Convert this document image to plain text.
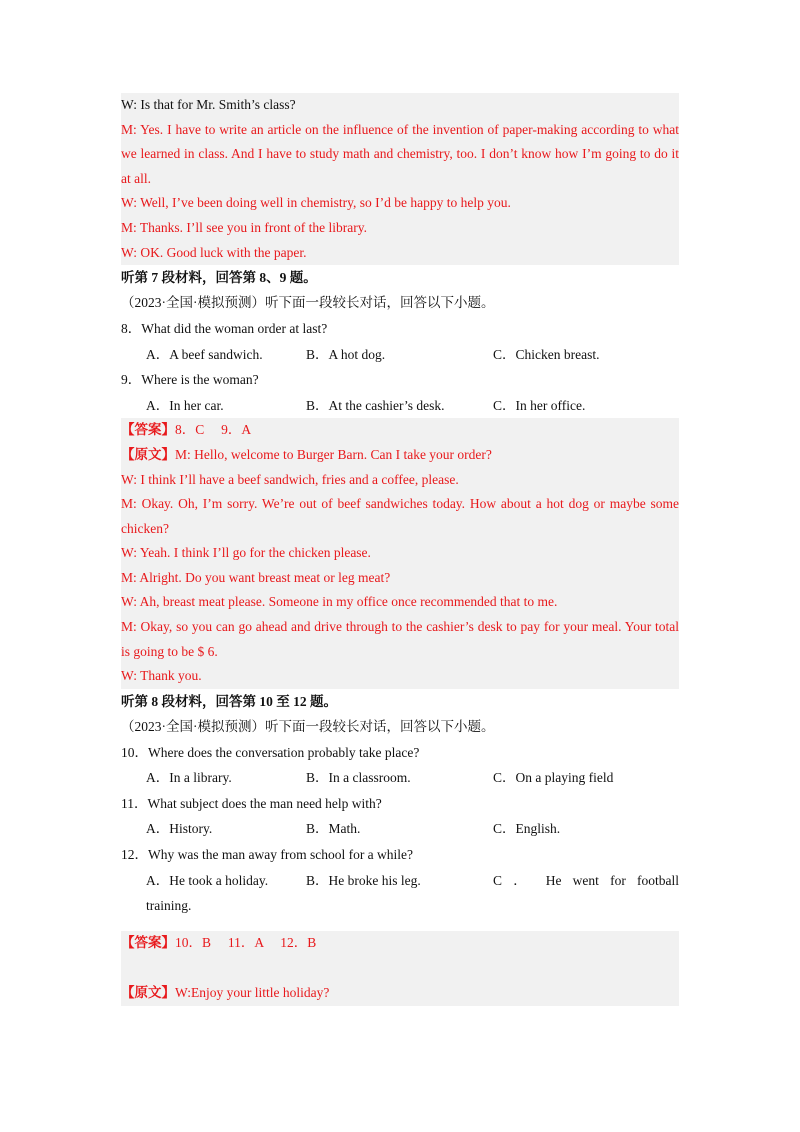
W: Is that for Mr. Smith’s class?
M: Yes. I have to write an article on the influence of the invention of paper-making according to what we learned in class. And I have to study math and chemistry, too. I don’t know how I’m going to do it at all.
W: Well, I’ve been doing well in chemistry, so I’d be happy to help you.
M: Thanks. I’ll see you in front of the library.
W: OK. Good luck with the paper.
听第 7 段材料，回答第 8、9 题。
（2023·全国·模拟预测）听下面一段较长对话，回答以下小题。
8．What did the woman order at last?
A．A beef sandwich.	B．A hot dog.	C．Chicken breast.
9．Where is the woman?
A．In her car.	B．At the cashier’s desk.	C．In her office.
【答案】8．C     9．A
【原文】M: Hello, welcome to Burger Barn. Can I take your order?
W: I think I’ll have a beef sandwich, fries and a coffee, please.
M: Okay. Oh, I’m sorry. We’re out of beef sandwiches today. How about a hot dog or maybe some chicken?
W: Yeah. I think I’ll go for the chicken please.
M: Alright. Do you want breast meat or leg meat?
W: Ah, breast meat please. Someone in my office once recommended that to me.
M: Okay, so you can go ahead and drive through to the cashier’s desk to pay for your meal. Your total is going to be $ 6.
W: Thank you.
听第 8 段材料，回答第 10 至 12 题。
（2023·全国·模拟预测）听下面一段较长对话，回答以下小题。
10．Where does the conversation probably take place?
A．In a library.	B．In a classroom.	C．On a playing field
11．What subject does the man need help with?
A．History.	B．Math.	C．English.
12．Why was the man away from school for a while?
A．He took a holiday.	B．He broke his leg.	C ． He went for football
training.
【答案】10．B     11．A     12．B
【原文】W:Enjoy your little holiday?
